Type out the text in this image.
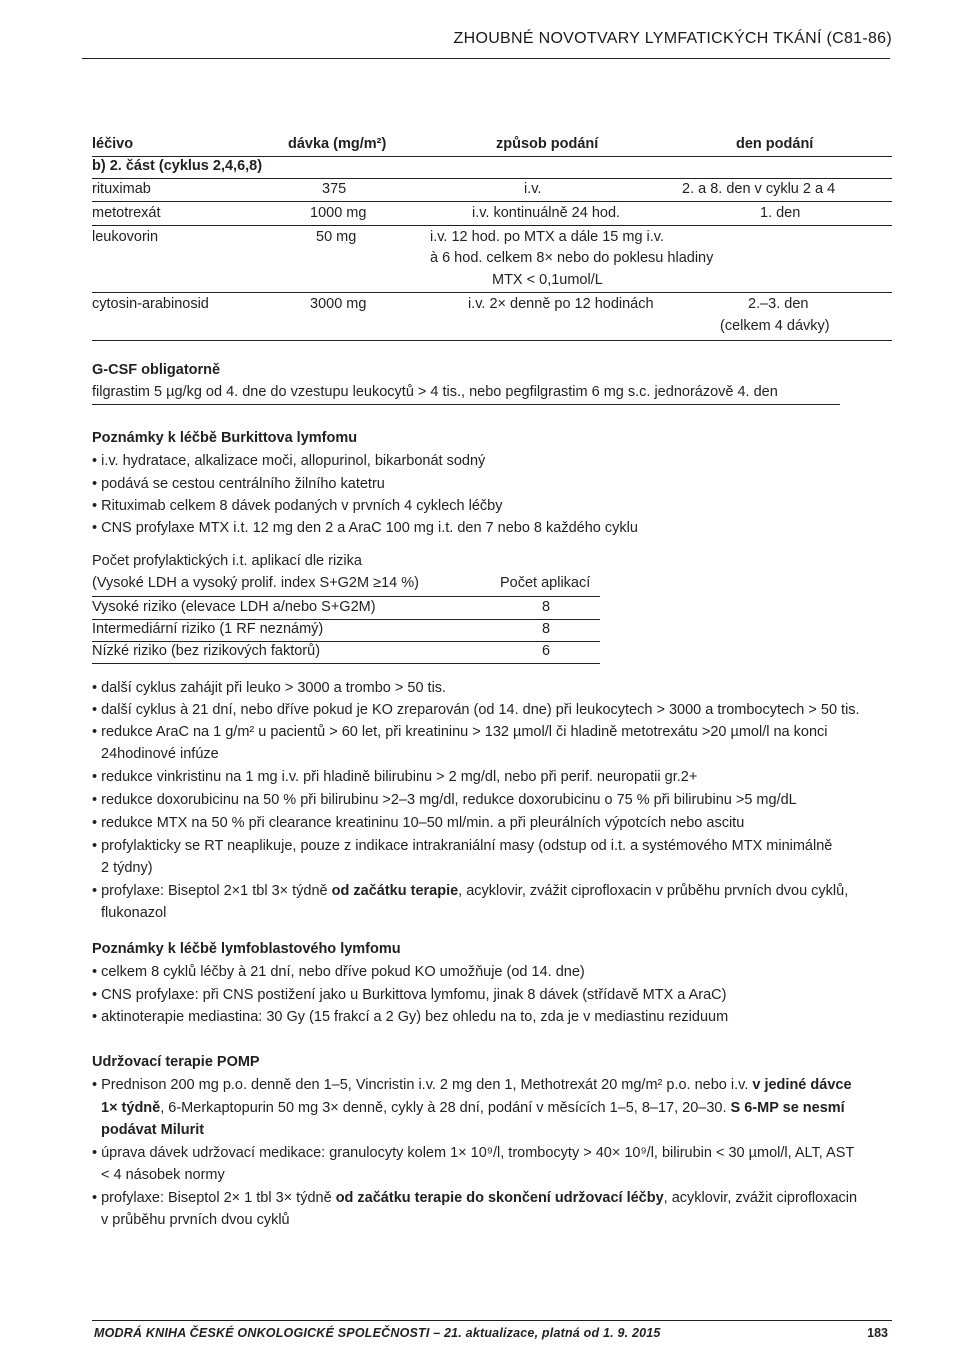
ZHOUBNÉ NOVOTVARY LYMFATICKÝCH TKÁNÍ (C81-86)
léčivo	dávka (mg/m²)	způsob podání	den podání
b) 2. část (cyklus 2,4,6,8)
rituximab	375	i.v.	2. a 8. den v cyklu 2 a 4
metotrexát	1000 mg	i.v. kontinuálně 24 hod.	1. den
leukovorin	50 mg	i.v. 12 hod. po MTX a dále 15 mg i.v.
à 6 hod. celkem 8× nebo do poklesu hladiny
MTX < 0,1umol/L
cytosin-arabinosid	3000 mg	i.v. 2× denně po 12 hodinách	2.–3. den
(celkem 4 dávky)
G-CSF obligatorně
filgrastim 5 µg/kg od 4. dne do vzestupu leukocytů > 4 tis., nebo pegfilgrastim 6 mg s.c. jednorázově 4. den
Poznámky k léčbě Burkittova lymfomu
• i.v. hydratace, alkalizace moči, allopurinol, bikarbonát sodný
• podává se cestou centrálního žilního katetru
• Rituximab celkem 8 dávek podaných v prvních 4 cyklech léčby
• CNS profylaxe MTX i.t. 12 mg den 2 a AraC 100 mg i.t. den 7 nebo 8 každého cyklu
Počet profylaktických i.t. aplikací dle rizika
(Vysoké LDH a vysoký prolif. index S+G2M ≥14 %)	Počet aplikací
Vysoké riziko (elevace LDH a/nebo S+G2M)	8
Intermediární riziko (1 RF neznámý)	8
Nízké riziko (bez rizikových faktorů)	6
• další cyklus zahájit při leuko > 3000 a trombo > 50 tis.
• další cyklus à 21 dní, nebo dříve pokud je KO zreparován (od 14. dne) při leukocytech > 3000 a trombocytech > 50 tis.
• redukce AraC na 1 g/m² u pacientů > 60 let, při kreatininu > 132 µmol/l či hladině metotrexátu >20 µmol/l na konci
24hodinové infúze
• redukce vinkristinu na 1 mg i.v. při hladině bilirubinu > 2 mg/dl, nebo při perif. neuropatii gr.2+
• redukce doxorubicinu na 50 % při bilirubinu >2–3 mg/dl, redukce doxorubicinu o 75 % při bilirubinu >5 mg/dL
• redukce MTX na 50 % při clearance kreatininu 10–50 ml/min. a při pleurálních výpotcích nebo ascitu
• profylakticky se RT neaplikuje, pouze z indikace intrakraniální masy (odstup od i.t. a systémového MTX minimálně
2 týdny)
• profylaxe: Biseptol 2×1 tbl 3× týdně od začátku terapie, acyklovir, zvážit ciprofloxacin v průběhu prvních dvou cyklů,
flukonazol
Poznámky k léčbě lymfoblastového lymfomu
• celkem 8 cyklů léčby à 21 dní, nebo dříve pokud KO umožňuje (od 14. dne)
• CNS profylaxe: při CNS postižení jako u Burkittova lymfomu, jinak 8 dávek (střídavě MTX a AraC)
• aktinoterapie mediastina: 30 Gy (15 frakcí a 2 Gy) bez ohledu na to, zda je v mediastinu reziduum
Udržovací terapie POMP
• Prednison 200 mg p.o. denně den 1–5, Vincristin i.v. 2 mg den 1, Methotrexát 20 mg/m² p.o. nebo i.v. v jediné dávce
1× týdně, 6-Merkaptopurin 50 mg 3× denně, cykly à 28 dní, podání v měsících 1–5, 8–17, 20–30. S 6-MP se nesmí
podávat Milurit
• úprava dávek udržovací medikace: granulocyty kolem 1× 10⁹/l, trombocyty > 40× 10⁹/l, bilirubin < 30 µmol/l, ALT, AST
< 4 násobek normy
• profylaxe: Biseptol 2× 1 tbl 3× týdně od začátku terapie do skončení udržovací léčby, acyklovir, zvážit ciprofloxacin
v průběhu prvních dvou cyklů
MODRÁ KNIHA ČESKÉ ONKOLOGICKÉ SPOLEČNOSTI – 21. aktualizace, platná od 1. 9. 2015	183
